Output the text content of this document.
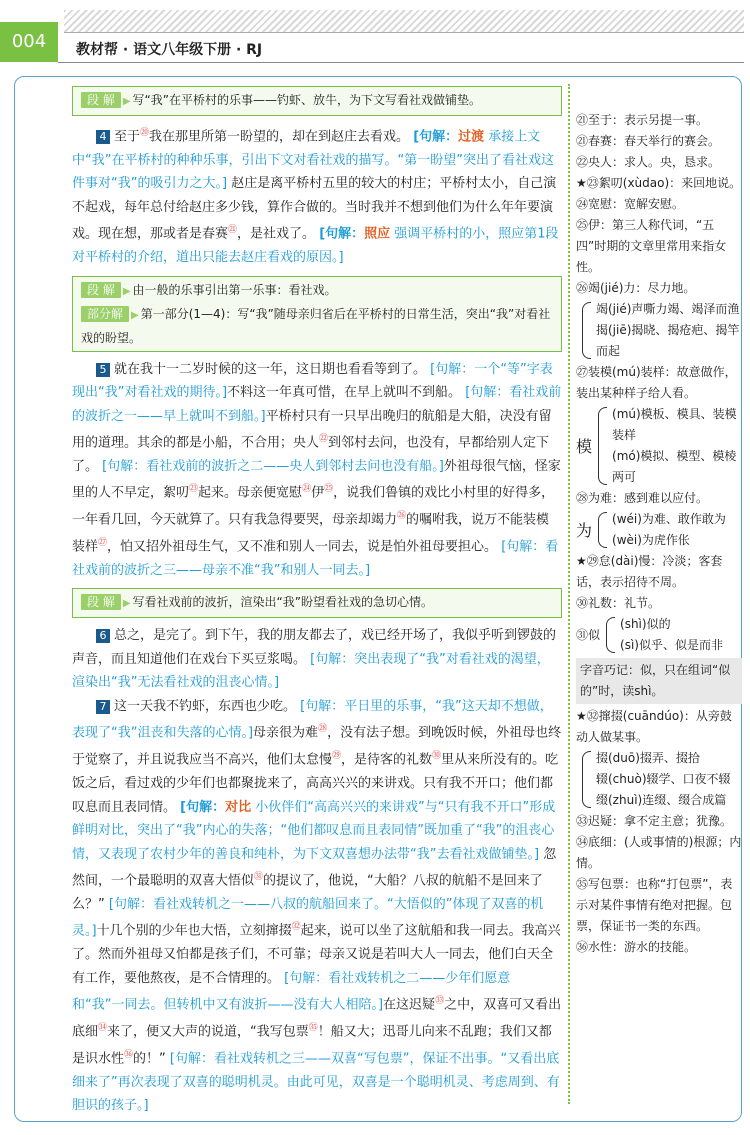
004	教材帮 · 语文八年级下册 · RJ
段 解 ▶ 写“我”在平桥村的乐事——钓虾、放牛，为下文写看社戏做铺垫。

4 至于⑳我在那里所第一盼望的，却在到赵庄去看戏。 [句解：过渡 承接上文中“我”在平桥村的种种乐事，引出下文对看社戏的描写。“第一盼望”突出了看社戏这件事对“我”的吸引力之大。] 赵庄是离平桥村五里的较大的村庄；平桥村太小，自己演不起戏，每年总付给赵庄多少钱，算作合做的。当时我并不想到他们为什么年年要演戏。现在想，那或者是春赛$^㉑$，是社戏了。 [句解：照应 强调平桥村的小，照应第1段对平桥村的介绍，道出只能去赵庄看戏的原因。]

段 解 ▶ 由一般的乐事引出第一乐事：看社戏。
部分解 ▶ 第一部分(1—4)：写“我”随母亲归省后在平桥村的日常生活，突出“我”对看社戏的盼望。

5 就在我十一二岁时候的这一年，这日期也看看等到了。 [句解：一个“等”字表现出“我”对看社戏的期待。]不料这一年真可惜，在早上就叫不到船。 [句解：看社戏前的波折之一——早上就叫不到船。]平桥村只有一只早出晚归的航船是大船，决没有留用的道理。其余的都是小船，不合用；央人$^㉒$到邻村去问，也没有，早都给别人定下了。 [句解：看社戏前的波折之二——央人到邻村去问也没有船。]外祖母很气恼，怪家里的人不早定，絮叨$^㉓$起来。母亲便宽慰$^㉔$伊$^㉕$，说我们鲁镇的戏比小村里的好得多，一年看几回，今天就算了。只有我急得要哭，母亲却竭力$^㉖$的嘱咐我，说万不能装模装样$^㉗$，怕又招外祖母生气，又不准和别人一同去，说是怕外祖母要担心。 [句解：看社戏前的波折之三——母亲不准“我”和别人一同去。]

段 解 ▶ 写看社戏前的波折，渲染出“我”盼望看社戏的急切心情。

6 总之，是完了。到下午，我的朋友都去了，戏已经开场了，我似乎听到锣鼓的声音，而且知道他们在戏台下买豆浆喝。 [句解：突出表现了“我”对看社戏的渴望，渲染出“我”无法看社戏的沮丧心情。]

7 这一天我不钓虾，东西也少吃。 [句解：平日里的乐事，“我”这天却不想做，表现了“我”沮丧和失落的心情。]母亲很为难$^㉘$，没有法子想。到晚饭时候，外祖母也终于觉察了，并且说我应当不高兴，他们太怠慢$^㉙$，是待客的礼数$^㉚$里从来所没有的。吃饭之后，看过戏的少年们也都聚拢来了，高高兴兴的来讲戏。只有我不开口；他们都叹息而且表同情。 [句解：对比 小伙伴们“高高兴兴的来讲戏”与“只有我不开口”形成鲜明对比，突出了“我”内心的失落；“他们都叹息而且表同情”既加重了“我”的沮丧心情，又表现了农村少年的善良和纯朴，为下文双喜想办法带“我”去看社戏做铺垫。] 忽然间，一个最聪明的双喜大悟似$^㉛$的提议了，他说，“大船？八叔的航船不是回来了么？” [句解：看社戏转机之一——八叔的航船回来了。“大悟似的”体现了双喜的机灵。]十几个别的少年也大悟，立刻撺掇$^㉜$起来，说可以坐了这航船和我一同去。我高兴了。然而外祖母又怕都是孩子们，不可靠；母亲又说是若叫大人一同去，他们白天全有工作，要他熬夜，是不合情理的。 [句解：看社戏转机之二——少年们愿意和“我”一同去。但转机中又有波折——没有大人相陪。]在这迟疑$^㉝$之中，双喜可又看出底细$^㉞$来了，便又大声的说道，“我写包票$^㉟$！船又大；迅哥儿向来不乱跑；我们又都是识水性$^㊱$的！” [句解：看社戏转机之三——双喜“写包票”，保证不出事。“又看出底细来了”再次表现了双喜的聪明机灵。由此可见，双喜是一个聪明机灵、考虑周到、有胆识的孩子。]

㉑至于：表示另提一事。
㉑春赛：春天举行的赛会。
㉒央人：求人。央，恳求。
★㉓絮叨(xùdao)：来回地说。
㉔宽慰：宽解安慰。
㉕伊：第三人称代词，“五四”时期的文章里常用来指女性。
㉖竭(jié)力：尽力地。
竭(jié)声嘶力竭、竭泽而渔
揭(jiē)揭晓、揭疮疤、揭竿而起
㉗装模(mú)装样：故意做作，装出某种样子给人看。
模
(mú)模板、模具、装模装样
(mó)模拟、模型、模棱两可
㉘为难：感到难以应付。
为
(wéi)为难、敢作敢为
(wèi)为虎作伥
★㉙怠(dài)慢：冷淡；客套话，表示招待不周。
㉚礼数：礼节。
㉛似
(shì)似的
(sì)似乎、似是而非
字音巧记：似，只在组词“似的”时，读shì。
★㉜撺掇(cuāndúo)：从旁鼓动人做某事。
掇(duō)掇弄、掇拾
辍(chuò)辍学、口夜不辍
缀(zhuì)连缀、缀合成篇
㉝迟疑：拿不定主意；犹豫。
㉞底细：(人或事情的)根源；内情。
㉟写包票：也称“打包票”，表示对某件事情有绝对把握。包票，保证书一类的东西。
㊱水性：游水的技能。
